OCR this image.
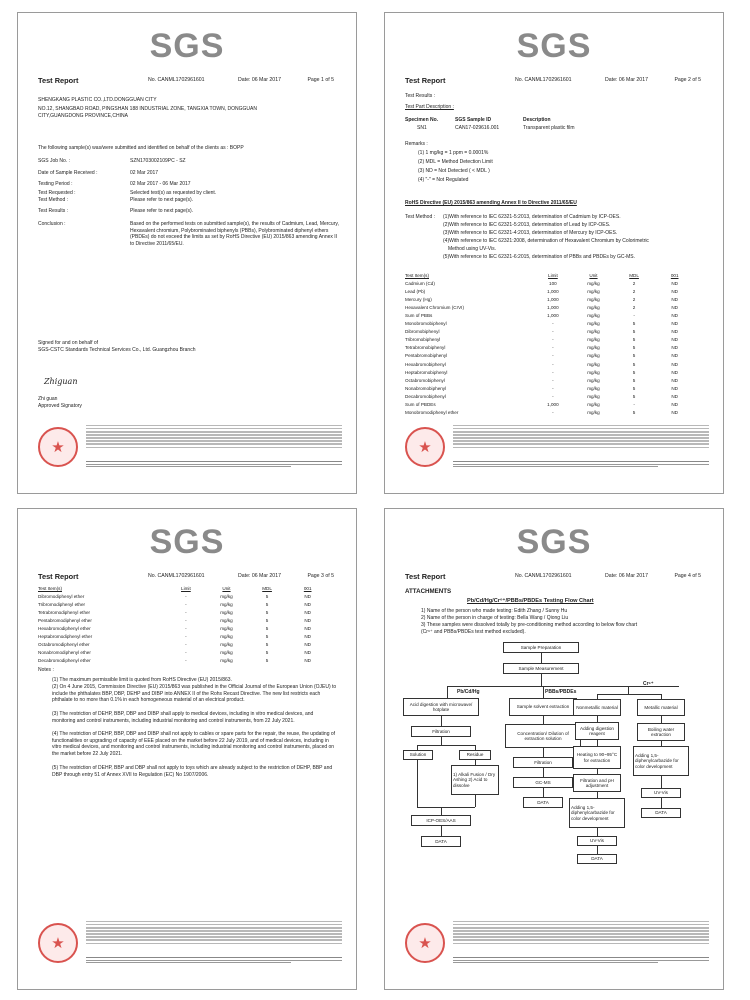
SGS
Test Report	No. CANML1702961601	Date: 06 Mar 2017	Page 1 of 5
SHENGKANG PLASTIC CO.,LTD.DONGGUAN CITY
NO.12, SHANGBAO ROAD, PINGSHAN 188 INDUSTRIAL ZONE, TANGXIA TOWN, DONGGUAN
CITY,GUANGDONG PROVINCE,CHINA
The following sample(s) was/were submitted and identified on behalf of the clients as : BOPP
SGS Job No. :	SZN1703002109PC - SZ
Date of Sample Received :	02 Mar 2017
Testing Period :	02 Mar 2017 - 06 Mar 2017
Test Requested :	Selected test(s) as requested by client.
Test Method :	Please refer to next page(s).
Test Results :	Please refer to next page(s).
Conclusion :	Based on the performed tests on submitted sample(s), the results of Cadmium, Lead, Mercury, Hexavalent chromium, Polybrominated biphenyls (PBBs), Polybrominated diphenyl ethers (PBDEs) do not exceed the limits as set by RoHS Directive (EU) 2015/863 amending Annex II to Directive 2011/65/EU.
Signed for and on behalf of
SGS-CSTC Standards Technical Services Co., Ltd. Guangzhou Branch
Zhiguan
Zhi guan
Approved Signatory
★
SGS
Test Report	No. CANML1702961601	Date: 06 Mar 2017	Page 2 of 5
Test Results :
Test Part Description :
Specimen No.	SGS Sample ID	Description
SN1	CAN17-029616.001	Transparent plastic film
Remarks :
(1) 1 mg/kg = 1 ppm = 0.0001%
(2) MDL = Method Detection Limit
(3) ND = Not Detected ( < MDL )
(4) "-" = Not Regulated
RoHS Directive (EU) 2015/863 amending Annex II to Directive 2011/65/EU
Test Method : (1)With reference to IEC 62321-5:2013, determination of Cadmium by ICP-OES.
(2)With reference to IEC 62321-5:2013, determination of Lead by ICP-OES.
(3)With reference to IEC 62321-4:2013, determination of Mercury by ICP-OES.
(4)With reference to IEC 62321:2008, determination of Hexavalent Chromium by Colorimetric
Method using UV-Vis.
(5)With reference to IEC 62321-6:2015, determination of PBBs and PBDEs by GC-MS.
Test Item(s)	Limit	Unit	MDL	001
Cadmium (Cd)	100	mg/kg	2	ND
Lead (Pb)	1,000	mg/kg	2	ND
Mercury (Hg)	1,000	mg/kg	2	ND
Hexavalent Chromium (CrVI)	1,000	mg/kg	2	ND
Sum of PBBs	1,000	mg/kg	-	ND
Monobromobiphenyl	-	mg/kg	5	ND
Dibromobiphenyl	-	mg/kg	5	ND
Tribromobiphenyl	-	mg/kg	5	ND
Tetrabromobiphenyl	-	mg/kg	5	ND
Pentabromobiphenyl	-	mg/kg	5	ND
Hexabromobiphenyl	-	mg/kg	5	ND
Heptabromobiphenyl	-	mg/kg	5	ND
Octabromobiphenyl	-	mg/kg	5	ND
Nonabromobiphenyl	-	mg/kg	5	ND
Decabromobiphenyl	-	mg/kg	5	ND
Sum of PBDEs	1,000	mg/kg	-	ND
Monobromodiphenyl ether	-	mg/kg	5	ND
★
SGS
Test Report	No. CANML1702961601	Date: 06 Mar 2017	Page 3 of 5
Test Item(s)	Limit	Unit	MDL	001
Dibromodiphenyl ether	-	mg/kg	5	ND
Tribromodiphenyl ether	-	mg/kg	5	ND
Tetrabromodiphenyl ether	-	mg/kg	5	ND
Pentabromodiphenyl ether	-	mg/kg	5	ND
Hexabromodiphenyl ether	-	mg/kg	5	ND
Heptabromodiphenyl ether	-	mg/kg	5	ND
Octabromodiphenyl ether	-	mg/kg	5	ND
Nonabromodiphenyl ether	-	mg/kg	5	ND
Decabromodiphenyl ether	-	mg/kg	5	ND
Notes :
(1) The maximum permissible limit is quoted from RoHS Directive (EU) 2015/863.
(2) On 4 June 2015, Commission Directive (EU) 2015/863 was published in the Official Journal of the European Union (OJEU) to include the phthalates BBP, DBP, DEHP and DIBP into ANNEX II of the Rohs Recast Directive. The new list restricts each phthalate to no more than 0.1% in each homogeneous material of an electrical product.
(3) The restriction of DEHP, BBP, DBP and DIBP shall apply to medical devices, including in vitro medical devices, and monitoring and control instruments, including industrial monitoring and control instruments, from 22 July 2021.
(4) The restriction of DEHP, BBP, DBP and DIBP shall not apply to cables or spare parts for the repair, the reuse, the updating of functionalities or upgrading of capacity of EEE placed on the market before 22 July 2019, and of medical devices, including in vitro medical devices, and monitoring and control instruments, including industrial monitoring and control instruments, placed on the market before 22 July 2021.
(5) The restriction of DEHP, BBP and DBP shall not apply to toys which are already subject to the restriction of DEHP, BBP and DBP through entry 51 of Annex XVII to Regulation (EC) No 1907/2006.
★
SGS
Test Report	No. CANML1702961601	Date: 06 Mar 2017	Page 4 of 5
ATTACHMENTS
Pb/Cd/Hg/Cr⁶⁺/PBBs/PBDEs Testing Flow Chart
1) Name of the person who made testing: Edith Zhang / Sunny Hu
2) Name of the person in charge of testing: Bella Wang / Qiong Liu
3) These samples were dissolved totally by pre-conditioning method according to below flow chart
(Cr⁶⁺ and PBBs/PBDEs test method excluded).
Sample Preparation
Sample Measurement
Pb/Cd/Hg	PBBs/PBDEs
Cr⁶⁺
Acid digestion with microwave/ hotplate
Filtration
Solution	Residue
1) Alkali Fusion / Dry Ashing 2) Acid to dissolve
ICP-OES/AAS
DATA
Sample solvent extraction
Concentration/ Dilution of extraction solution
Filtration
GC-MS
DATA
Nonmetallic material
Adding digestion reagent
Heating to 90~95°C for extraction
Filtration and pH adjustment
Adding 1,5-diphenylcarbazide for color development
UV-Vis
DATA
Metallic material
Boiling water extraction
Adding 1,5-diphenylcarbazide for color development
UV-Vis
DATA
★
